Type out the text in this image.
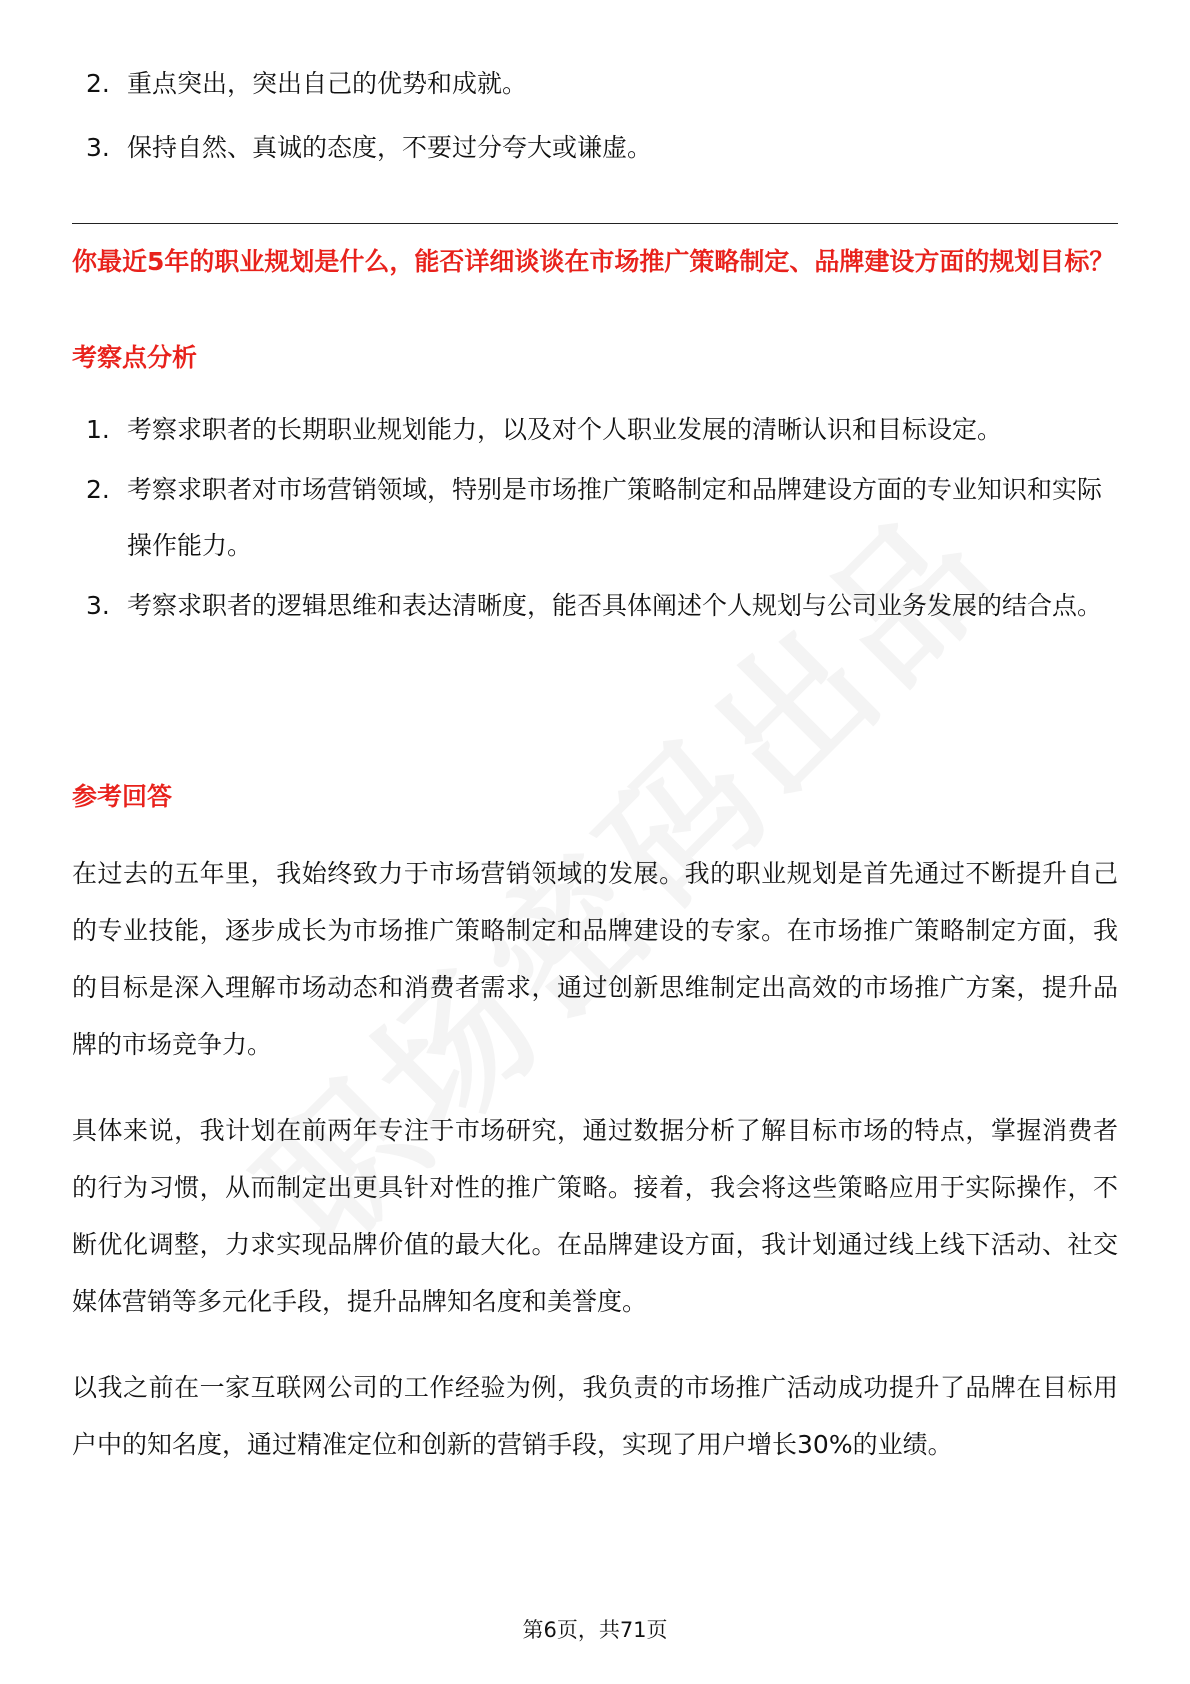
2. 重点突出，突出自己的优势和成就。
3. 保持自然、真诚的态度，不要过分夸大或谦虚。
你最近5年的职业规划是什么，能否详细谈谈在市场推广策略制定、品牌建设方面的规划目标？
考察点分析
1. 考察求职者的长期职业规划能力，以及对个人职业发展的清晰认识和目标设定。
2. 考察求职者对市场营销领域，特别是市场推广策略制定和品牌建设方面的专业知识和实际操作能力。
3. 考察求职者的逻辑思维和表达清晰度，能否具体阐述个人规划与公司业务发展的结合点。
参考回答

在过去的五年里，我始终致力于市场营销领域的发展。我的职业规划是首先通过不断提升自己的专业技能，逐步成长为市场推广策略制定和品牌建设的专家。在市场推广策略制定方面，我的目标是深入理解市场动态和消费者需求，通过创新思维制定出高效的市场推广方案，提升品牌的市场竞争力。

具体来说，我计划在前两年专注于市场研究，通过数据分析了解目标市场的特点，掌握消费者的行为习惯，从而制定出更具针对性的推广策略。接着，我会将这些策略应用于实际操作，不断优化调整，力求实现品牌价值的最大化。在品牌建设方面，我计划通过线上线下活动、社交媒体营销等多元化手段，提升品牌知名度和美誉度。

以我之前在一家互联网公司的工作经验为例，我负责的市场推广活动成功提升了品牌在目标用户中的知名度，通过精准定位和创新的营销手段，实现了用户增长30%的业绩。

第6页，共71页
